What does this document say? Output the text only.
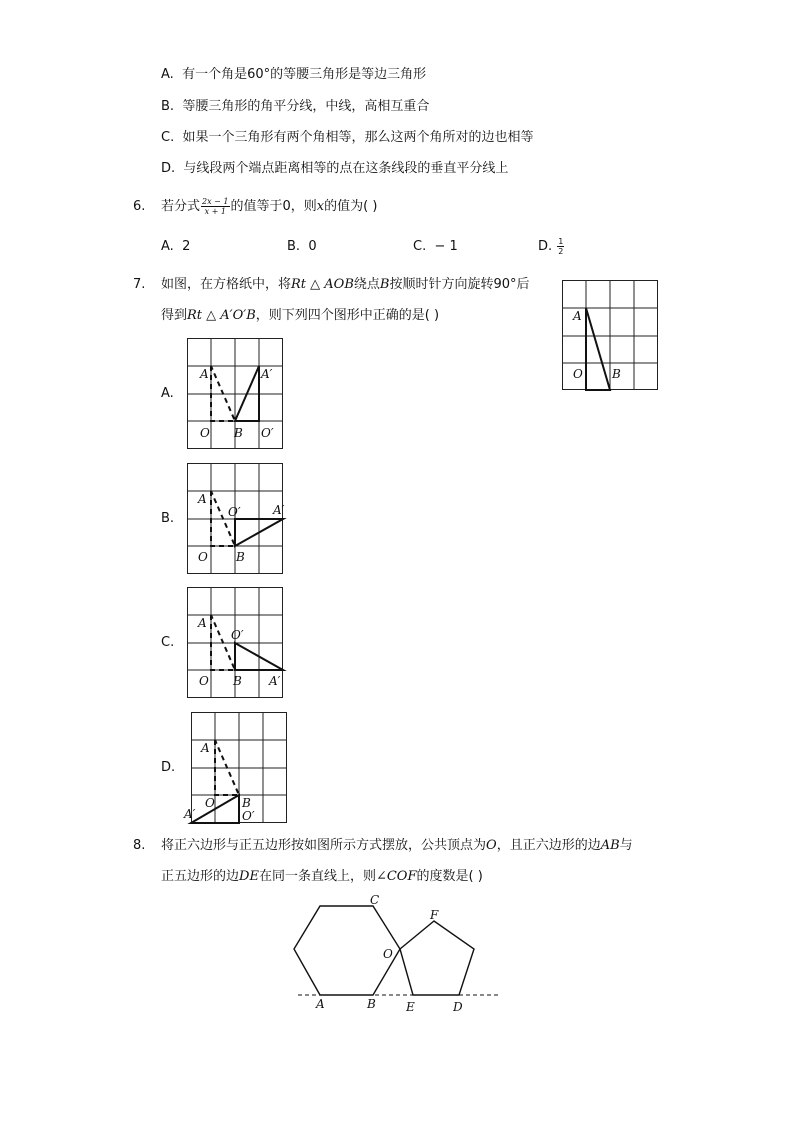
A. 有一个角是60°的等腰三角形是等边三角形
B. 等腰三角形的角平分线，中线，高相互重合
C. 如果一个三角形有两个角相等，那么这两个角所对的边也相等
D. 与线段两个端点距离相等的点在这条线段的垂直平分线上
6. 若分式 $\frac{2x - 1}{x + 1}$ 的值等于0，则x的值为( )
A. 2	B. 0	C. − 1	D. $\frac{1}{2}$
7. 如图，在方格纸中，将Rt △ AOB绕点B按顺时针方向旋转90°后
得到Rt △ A′O′B，则下列四个图形中正确的是( )	A
O B
A.
A	A′
O B O′
B.
A
O′	A′
O B
C.
A
O′
O B A′
D.
A
O B
A′	O′
8. 将正六边形与正五边形按如图所示方式摆放，公共顶点为O，且正六边形的边AB与
正五边形的边DE在同一条直线上，则∠COF的度数是( )
C
F
O
A	B	E	D
